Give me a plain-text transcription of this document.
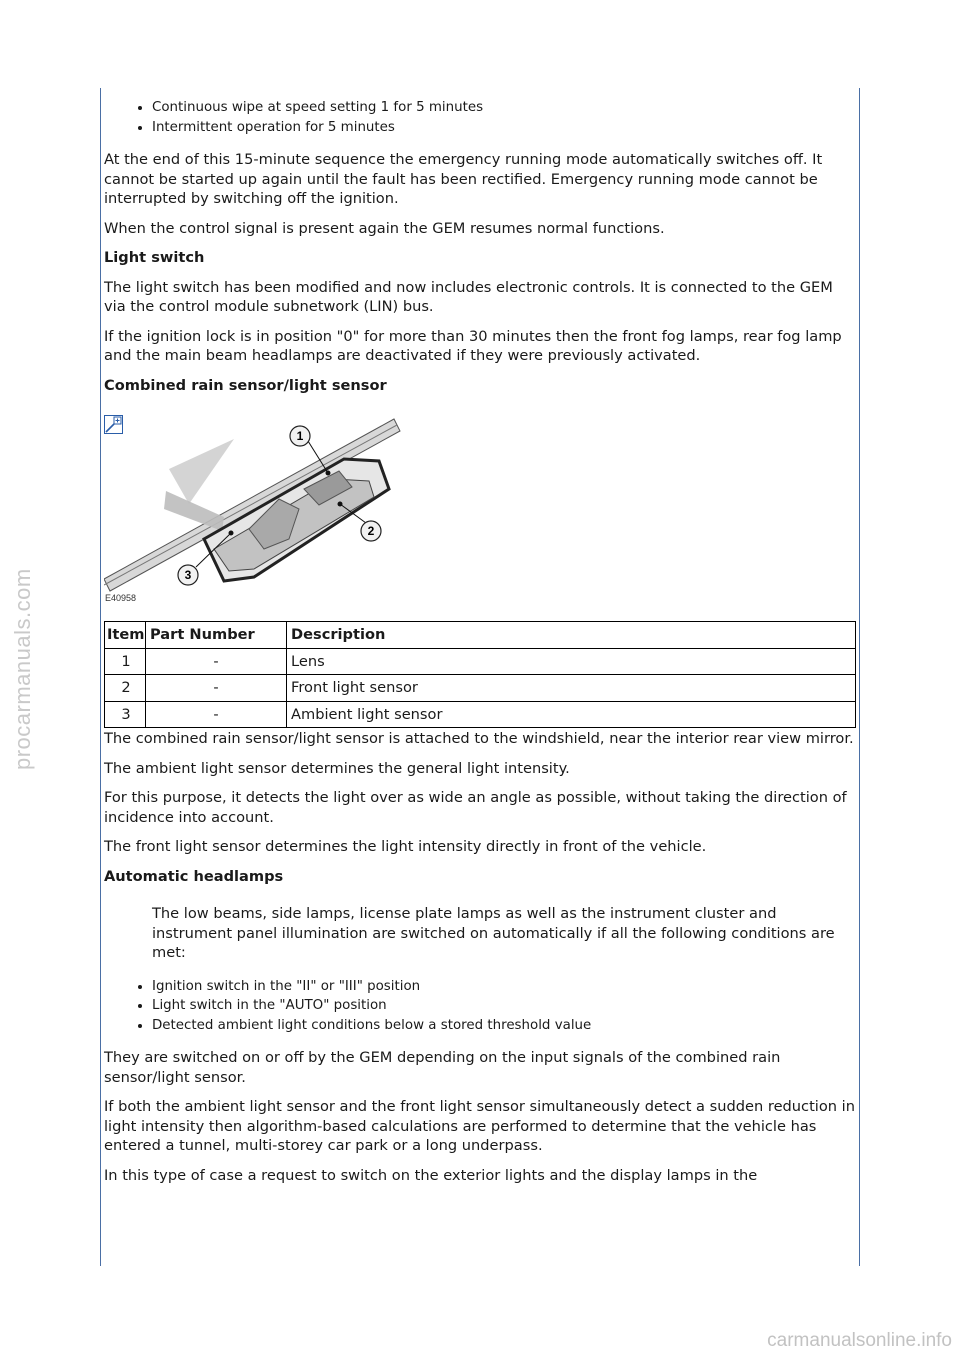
• Continuous wipe at speed setting 1 for 5 minutes
• Intermittent operation for 5 minutes

At the end of this 15-minute sequence the emergency running mode automatically switches off. It cannot be started up again until the fault has been rectified. Emergency running mode cannot be interrupted by switching off the ignition.

When the control signal is present again the GEM resumes normal functions.

Light switch

The light switch has been modified and now includes electronic controls. It is connected to the GEM via the control module subnetwork (LIN) bus.

If the ignition lock is in position "0" for more than 30 minutes then the front fog lamps, rear fog lamp and the main beam headlamps are deactivated if they were previously activated.

Combined rain sensor/light sensor
1
2
3
E40958
Item	Part Number	Description
1	-	Lens
2	-	Front light sensor
3	-	Ambient light sensor

The combined rain sensor/light sensor is attached to the windshield, near the interior rear view mirror.

The ambient light sensor determines the general light intensity.

For this purpose, it detects the light over as wide an angle as possible, without taking the direction of incidence into account.

The front light sensor determines the light intensity directly in front of the vehicle.

Automatic headlamps

The low beams, side lamps, license plate lamps as well as the instrument cluster and instrument panel illumination are switched on automatically if all the following conditions are met:

• Ignition switch in the "II" or "III" position
• Light switch in the "AUTO" position
• Detected ambient light conditions below a stored threshold value

They are switched on or off by the GEM depending on the input signals of the combined rain sensor/light sensor.

If both the ambient light sensor and the front light sensor simultaneously detect a sudden reduction in light intensity then algorithm-based calculations are performed to determine that the vehicle has entered a tunnel, multi-storey car park or a long underpass.

In this type of case a request to switch on the exterior lights and the display lamps in the

procarmanuals.com
carmanualsonline.info
